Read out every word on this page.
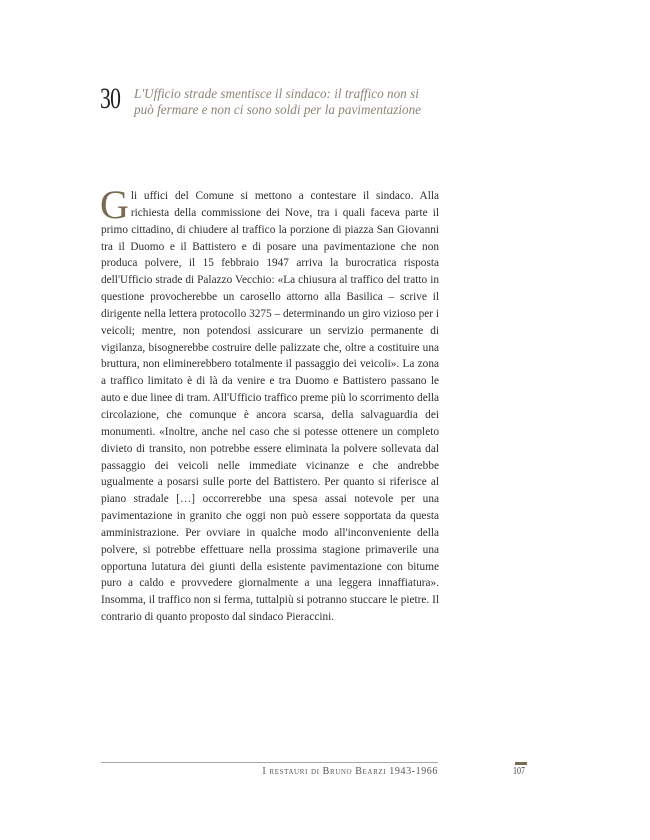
30 L'Ufficio strade smentisce il sindaco: il traffico non si può fermare e non ci sono soldi per la pavimentazione
Gli uffici del Comune si mettono a contestare il sindaco. Alla richiesta della commissione dei Nove, tra i quali faceva parte il primo cittadino, di chiudere al traffico la porzione di piazza San Giovanni tra il Duomo e il Battistero e di posare una pavimentazione che non produca polvere, il 15 febbraio 1947 arriva la burocratica risposta dell'Ufficio strade di Palazzo Vecchio: «La chiusura al traffico del tratto in questione provocherebbe un carosello attorno alla Basilica – scrive il dirigente nella lettera protocollo 3275 – determinando un giro vizioso per i veicoli; mentre, non potendosi assicurare un servizio permanente di vigilanza, bisognerebbe costruire delle palizzate che, oltre a costituire una bruttura, non eliminerebbero totalmente il passaggio dei veicoli». La zona a traffico limitato è di là da venire e tra Duomo e Battistero passano le auto e due linee di tram. All'Ufficio traffico preme più lo scorrimento della circolazione, che comunque è ancora scarsa, della salvaguardia dei monumenti. «Inoltre, anche nel caso che si potesse ottenere un completo divieto di transito, non potrebbe essere eliminata la polvere sollevata dal passaggio dei veicoli nelle immediate vicinanze e che andrebbe ugualmente a posarsi sulle porte del Battistero. Per quanto si riferisce al piano stradale […] occorrerebbe una spesa assai notevole per una pavimentazione in granito che oggi non può essere sopportata da questa amministrazione. Per ovviare in qualche modo all'inconveniente della polvere, si potrebbe effettuare nella prossima stagione primaverile una opportuna lutatura dei giunti della esistente pavimentazione con bitume puro a caldo e provvedere giornalmente a una leggera innaffiatura». Insomma, il traffico non si ferma, tuttalpiù si potranno stuccare le pietre. Il contrario di quanto proposto dal sindaco Pieraccini.
I restauri di Bruno Bearzi 1943-1966	107
